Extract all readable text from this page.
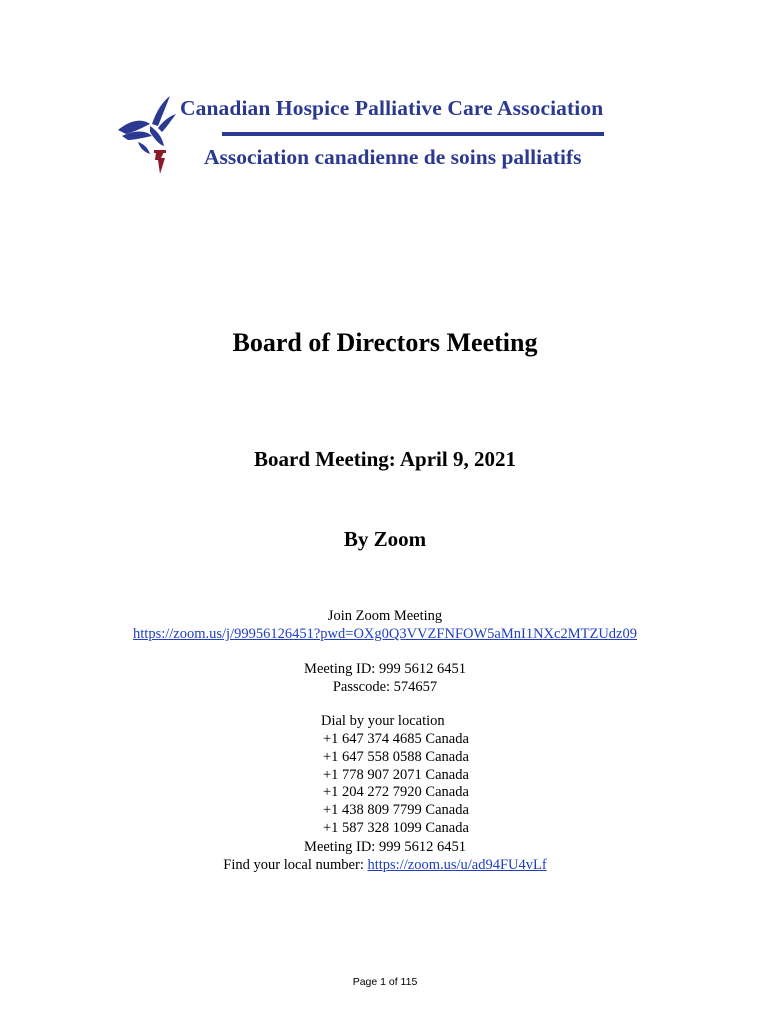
Canadian Hospice Palliative Care Association
Association canadienne de soins palliatifs
Board of Directors Meeting
Board Meeting: April 9, 2021
By Zoom
Join Zoom Meeting
https://zoom.us/j/99956126451?pwd=OXg0Q3VVZFNFOW5aMnI1NXc2MTZUdz09
Meeting ID: 999 5612 6451
Passcode: 574657
Dial by your location
+1 647 374 4685 Canada
+1 647 558 0588 Canada
+1 778 907 2071 Canada
+1 204 272 7920 Canada
+1 438 809 7799 Canada
+1 587 328 1099 Canada
Meeting ID: 999 5612 6451
Find your local number: https://zoom.us/u/ad94FU4vLf
Page 1 of 115
